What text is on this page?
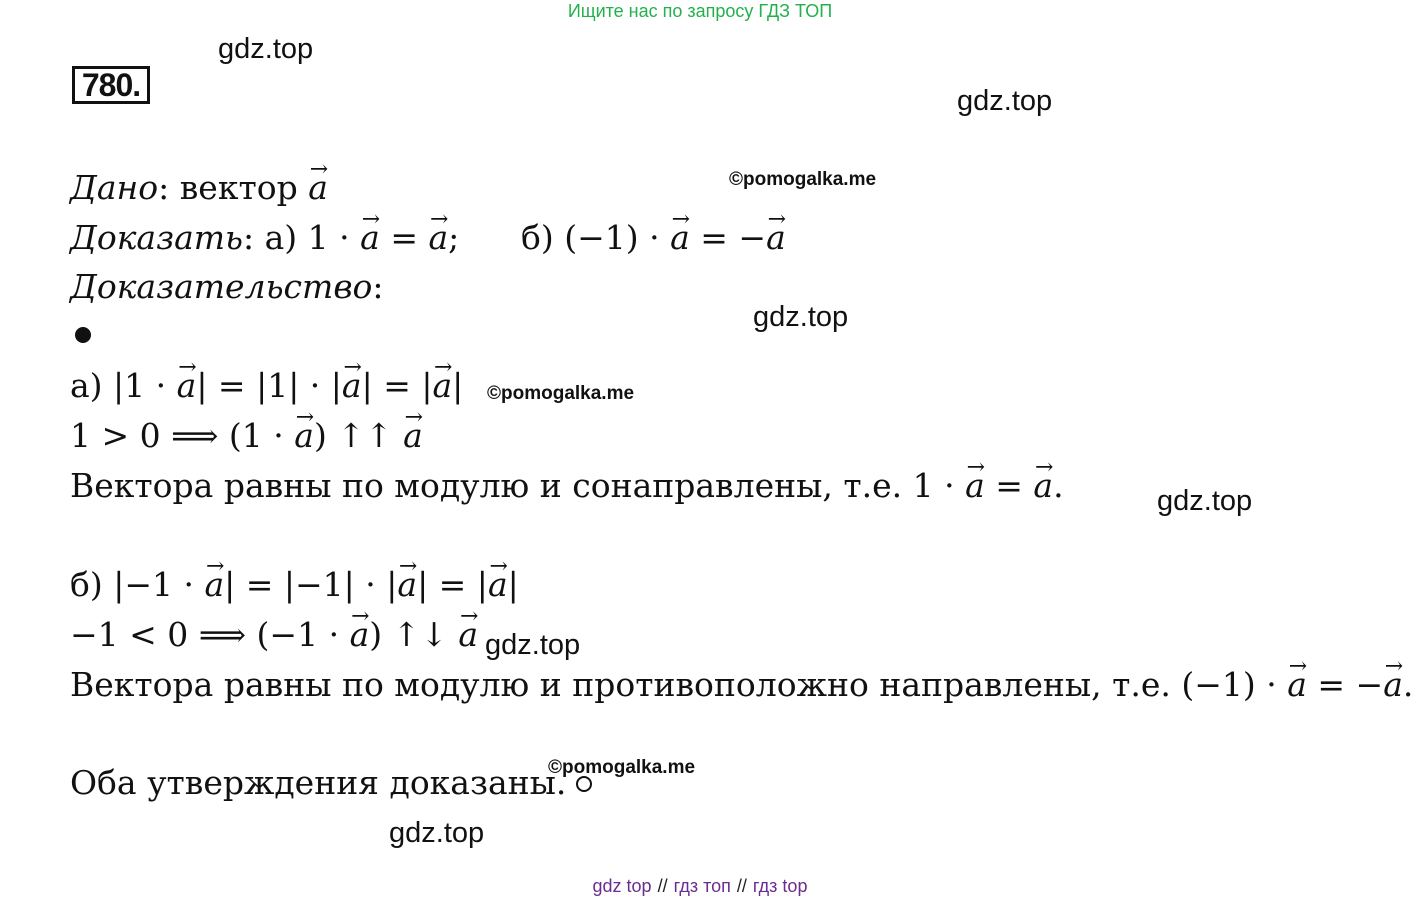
Ищите нас по запросу ГДЗ ТОП
780.
gdz.top
gdz.top
gdz.top
gdz.top
gdz.top
gdz.top
©pomogalka.me
©pomogalka.me
©pomogalka.me
Дано: вектор → a
Доказать: а) 1 · → a = → a; б) (−1) · → a = −→ a
Доказательство:
а) |1 · → a| = |1| · |→ a| = |→ a|
1 > 0 ⟹ (1 · → a) ↑↑ → a
Вектора равны по модулю и сонаправлены, т.е. 1 · → a = → a.
б) |−1 · → a| = |−1| · |→ a| = |→ a|
−1 < 0 ⟹ (−1 · → a) ↑↓ → a
Вектора равны по модулю и противоположно направлены, т.е. (−1) · → a = −→ a.
Оба утверждения доказаны.
gdz top // гдз топ // гдз top
